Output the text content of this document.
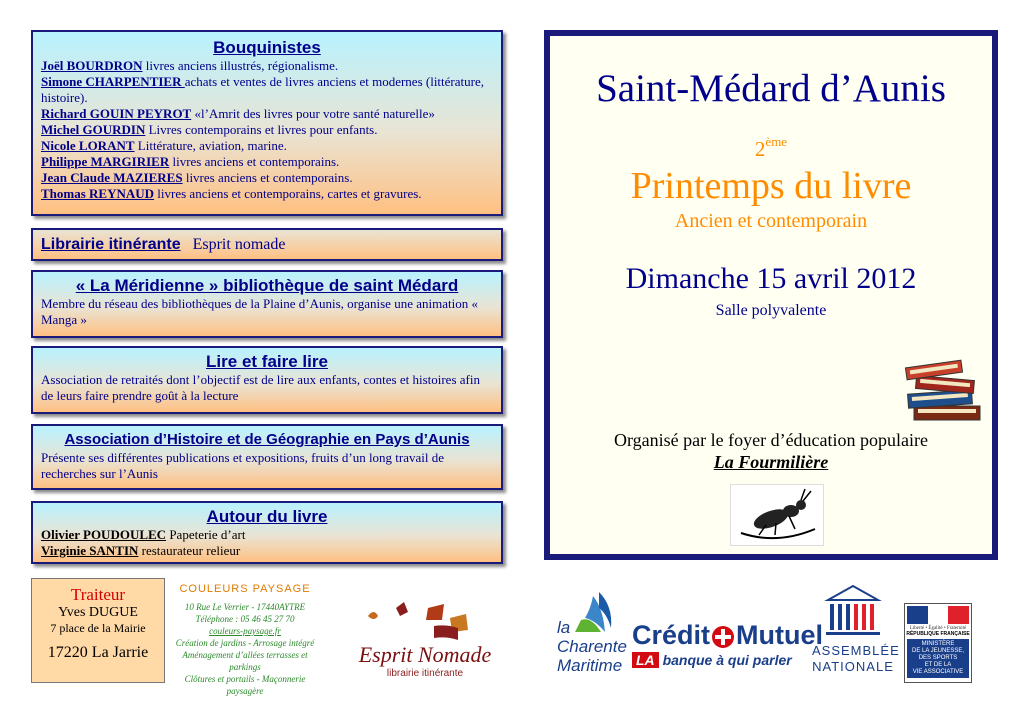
Bouquinistes
Joël BOURDRON livres anciens illustrés, régionalisme.
Simone CHARPENTIER achats et ventes de livres anciens et modernes (littérature, histoire).
Richard GOUIN PEYROT «l’Amrit des livres pour votre santé naturelle»
Michel GOURDIN Livres contemporains et livres pour enfants.
Nicole LORANT Littérature, aviation, marine.
Philippe MARGIRIER livres anciens et contemporains.
Jean Claude MAZIERES livres anciens et contemporains.
Thomas REYNAUD livres anciens et contemporains, cartes et gravures.
Librairie itinérante Esprit nomade
« La Méridienne » bibliothèque de saint Médard
Membre du réseau des bibliothèques de la Plaine d’Aunis, organise une animation « Manga »
Lire et faire lire
Association de retraités dont l’objectif est de lire aux enfants, contes et histoires afin de leurs faire prendre goût à la lecture
Association d’Histoire et de Géographie en Pays d’Aunis
Présente ses différentes publications et expositions, fruits d’un long travail de recherches sur l’Aunis
Autour du livre
Olivier POUDOULEC Papeterie d’art
Virginie SANTIN restaurateur relieur
Saint-Médard d’Aunis
2ème
Printemps du livre
Ancien et contemporain
Dimanche 15 avril 2012
Salle polyvalente
Organisé par le foyer d’éducation populaire
La Fourmilière
Traiteur
Yves DUGUE
7 place de la Mairie
17220 La Jarrie
COULEURS PAYSAGE
10 Rue Le Verrier - 17440AYTRE
Téléphone : 05 46 45 27 70
couleurs-paysage.fr
Création de jardins - Arrosage intégré
Aménagement d’allées terrasses et parkings
Clôtures et portails - Maçonnerie paysagère
Esprit Nomade
librairie itinérante
la
Charente
Maritime
Crédit Mutuel
LA banque à qui parler
ASSEMBLÉE
NATIONALE
Liberté • Égalité • Fraternité
RÉPUBLIQUE FRANÇAISE
MINISTÈRE
DE LA JEUNESSE,
DES SPORTS
ET DE LA
VIE ASSOCIATIVE
